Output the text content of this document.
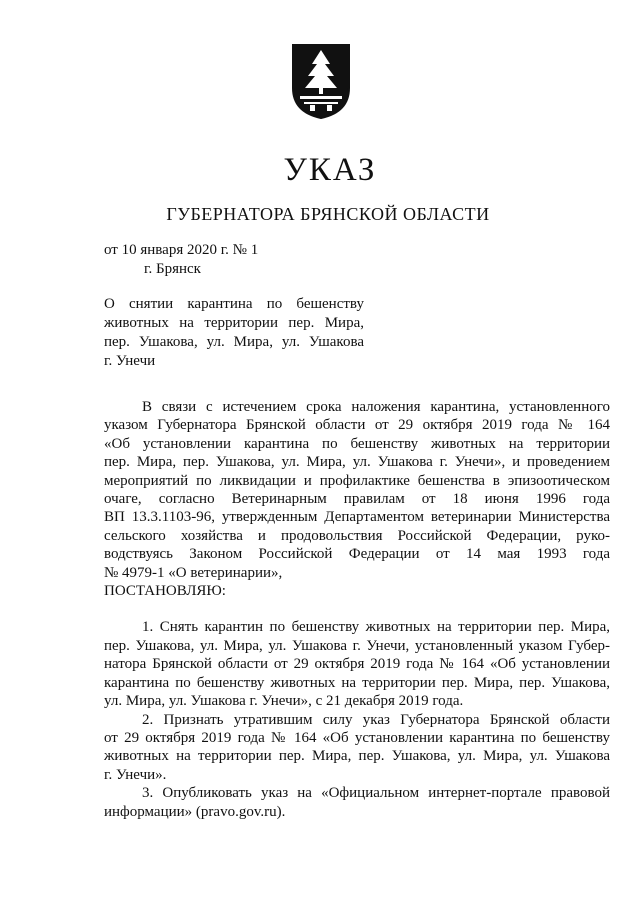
УКАЗ
ГУБЕРНАТОРА БРЯНСКОЙ ОБЛАСТИ
от 10 января 2020 г. № 1
г. Брянск
О снятии карантина по бешенству
животных на территории пер. Мира,
пер. Ушакова, ул. Мира, ул. Ушакова
г. Унечи
В связи с истечением срока наложения карантина, установленного
указом Губернатора Брянской области от 29 октября 2019 года № 164
«Об установлении карантина по бешенству животных на территории
пер. Мира, пер. Ушакова, ул. Мира, ул. Ушакова г. Унечи», и проведением
мероприятий по ликвидации и профилактике бешенства в эпизоотическом
очаге, согласно Ветеринарным правилам от 18 июня 1996 года
ВП 13.3.1103-96, утвержденным Департаментом ветеринарии Министерства
сельского хозяйства и продовольствия Российской Федерации, руко-
водствуясь Законом Российской Федерации от 14 мая 1993 года
№ 4979-1 «О ветеринарии»,
ПОСТАНОВЛЯЮ:
1. Снять карантин по бешенству животных на территории пер. Мира,
пер. Ушакова, ул. Мира, ул. Ушакова г. Унечи, установленный указом Губер-
натора Брянской области от 29 октября 2019 года № 164 «Об установлении
карантина по бешенству животных на территории пер. Мира, пер. Ушакова,
ул. Мира, ул. Ушакова г. Унечи», с 21 декабря 2019 года.
2. Признать утратившим силу указ Губернатора Брянской области
от 29 октября 2019 года № 164 «Об установлении карантина по бешенству
животных на территории пер. Мира, пер. Ушакова, ул. Мира, ул. Ушакова
г. Унечи».
3. Опубликовать указ на «Официальном интернет-портале правовой
информации» (pravo.gov.ru).
